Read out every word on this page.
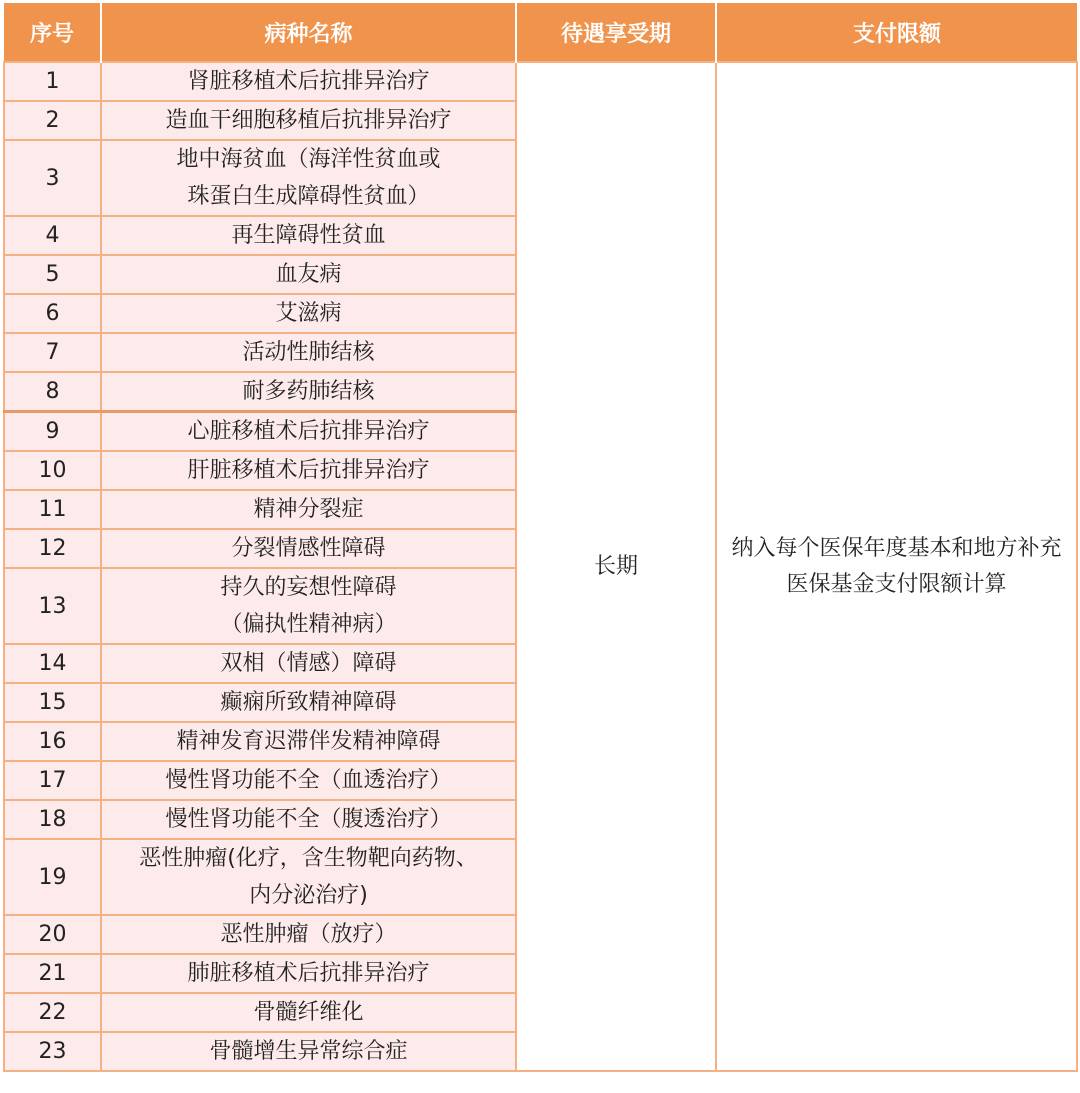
序号	病种名称	待遇享受期	支付限额
1	肾脏移植术后抗排异治疗	长期	纳入每个医保年度基本和地方补充医保基金支付限额计算
2	造血干细胞移植后抗排异治疗		
3	地中海贫血（海洋性贫血或
珠蛋白生成障碍性贫血）		
4	再生障碍性贫血		
5	血友病		
6	艾滋病		
7	活动性肺结核		
8	耐多药肺结核		
9	心脏移植术后抗排异治疗		
10	肝脏移植术后抗排异治疗		
11	精神分裂症		
12	分裂情感性障碍		
13	持久的妄想性障碍
（偏执性精神病）		
14	双相（情感）障碍		
15	癫痫所致精神障碍		
16	精神发育迟滞伴发精神障碍		
17	慢性肾功能不全（血透治疗）		
18	慢性肾功能不全（腹透治疗）		
19	恶性肿瘤(化疗，含生物靶向药物、
内分泌治疗)		
20	恶性肿瘤（放疗）		
21	肺脏移植术后抗排异治疗		
22	骨髓纤维化		
23	骨髓增生异常综合症		
